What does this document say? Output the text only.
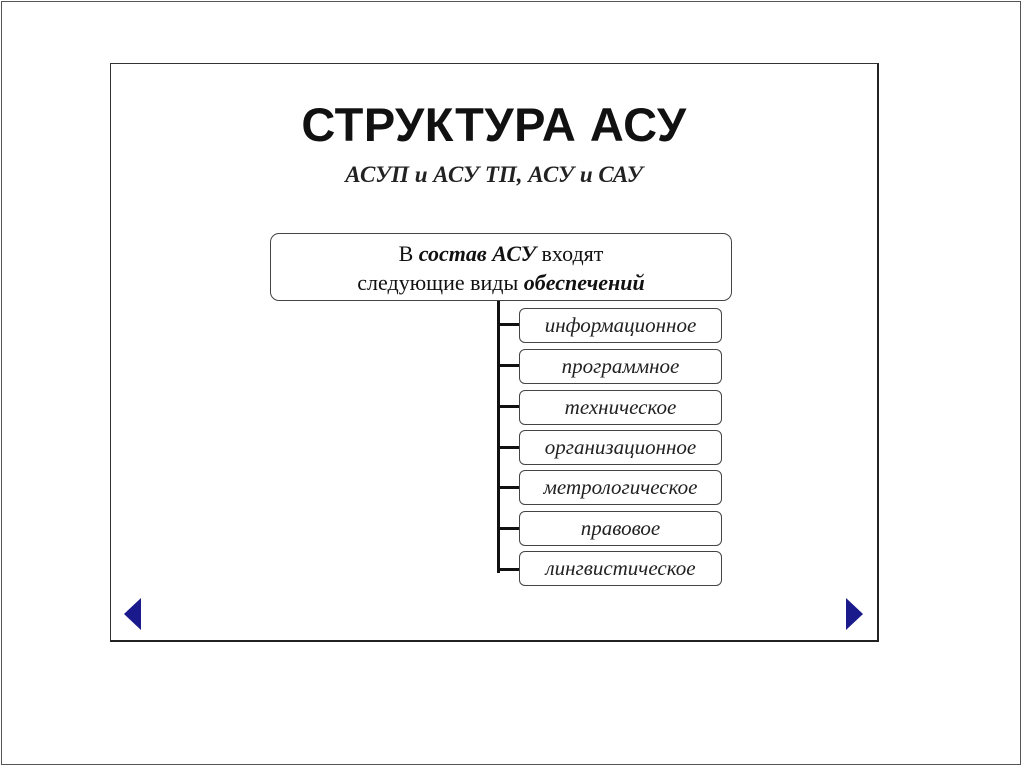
СТРУКТУРА АСУ
АСУП и АСУ ТП, АСУ и САУ
В состав АСУ входят
следующие виды обеспечений
информационное
программное
техническое
организационное
метрологическое
правовое
лингвистическое
